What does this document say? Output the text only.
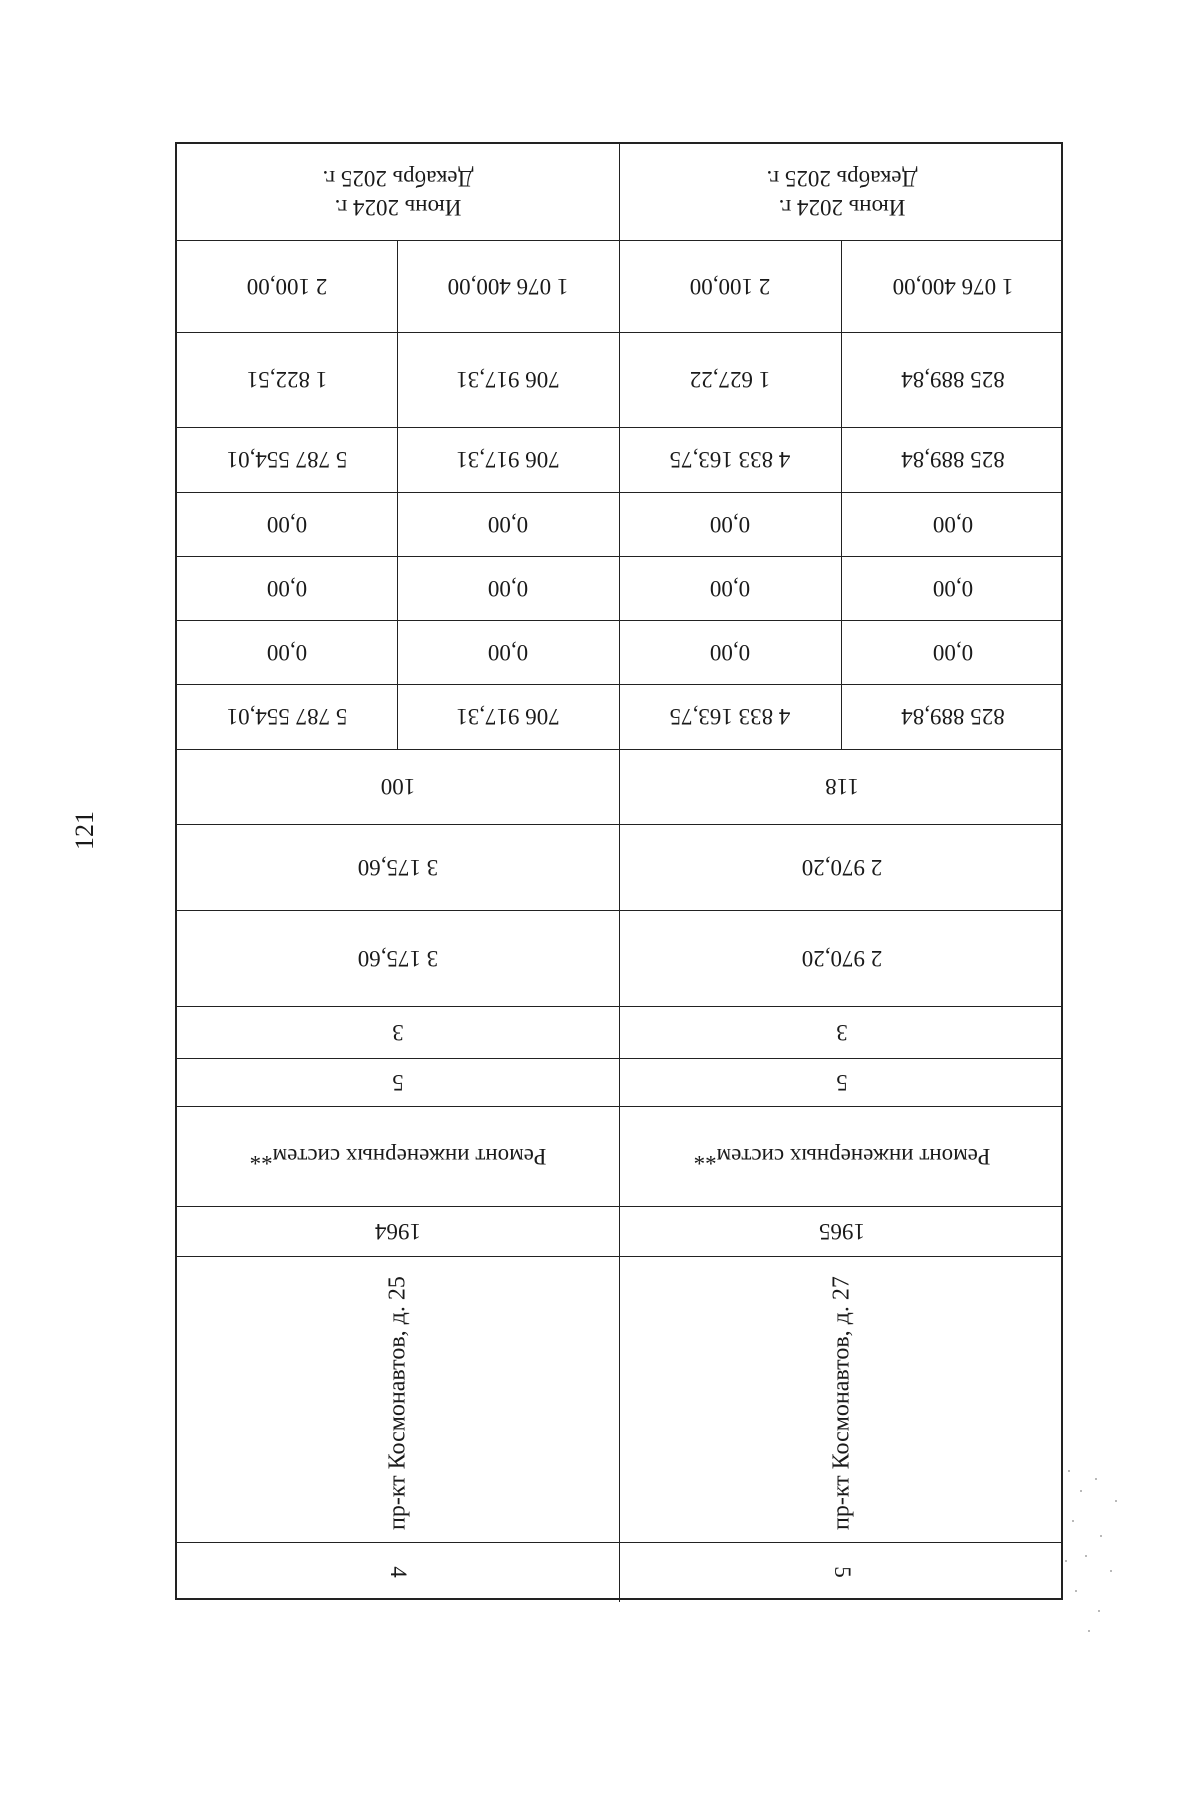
121
Июнь 2024 г.
Декабрь 2025 г.
Июнь 2024 г.
Декабрь 2025 г.
2 100,00	1 076 400,00	2 100,00	1 076 400,00
1 822,51	706 917,31	1 627,22	825 889,84
5 787 554,01	706 917,31	4 833 163,75	825 889,84
0,00	0,00	0,00	0,00
0,00	0,00	0,00	0,00
0,00	0,00	0,00	0,00
5 787 554,01	706 917,31	4 833 163,75	825 889,84
100	118
3 175,60	2 970,20
3 175,60	2 970,20
3	3
5	5
Ремонт инженерных систем**	Ремонт инженерных систем**
1964	1965
пр-кт Космонавтов, д. 25	пр-кт Космонавтов, д. 27
4	5
